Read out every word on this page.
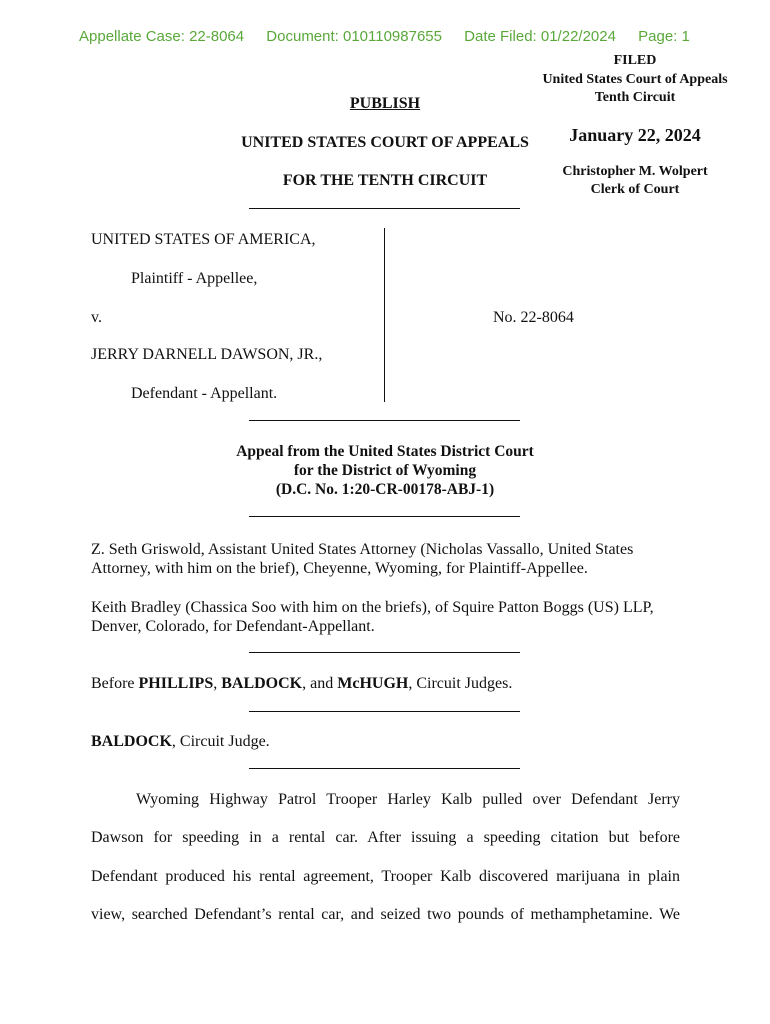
Appellate Case: 22-8064 Document: 010110987655 Date Filed: 01/22/2024 Page: 1
FILED
United States Court of Appeals
Tenth Circuit
January 22, 2024
Christopher M. Wolpert
Clerk of Court
PUBLISH
UNITED STATES COURT OF APPEALS
FOR THE TENTH CIRCUIT
UNITED STATES OF AMERICA,
Plaintiff - Appellee,
v.
JERRY DARNELL DAWSON, JR.,
Defendant - Appellant.
No. 22-8064
Appeal from the United States District Court
for the District of Wyoming
(D.C. No. 1:20-CR-00178-ABJ-1)
Z. Seth Griswold, Assistant United States Attorney (Nicholas Vassallo, United States
Attorney, with him on the brief), Cheyenne, Wyoming, for Plaintiff-Appellee.
Keith Bradley (Chassica Soo with him on the briefs), of Squire Patton Boggs (US) LLP,
Denver, Colorado, for Defendant-Appellant.
Before PHILLIPS, BALDOCK, and McHUGH, Circuit Judges.
BALDOCK, Circuit Judge.
Wyoming Highway Patrol Trooper Harley Kalb pulled over Defendant Jerry
Dawson for speeding in a rental car. After issuing a speeding citation but before
Defendant produced his rental agreement, Trooper Kalb discovered marijuana in plain
view, searched Defendant’s rental car, and seized two pounds of methamphetamine. We
